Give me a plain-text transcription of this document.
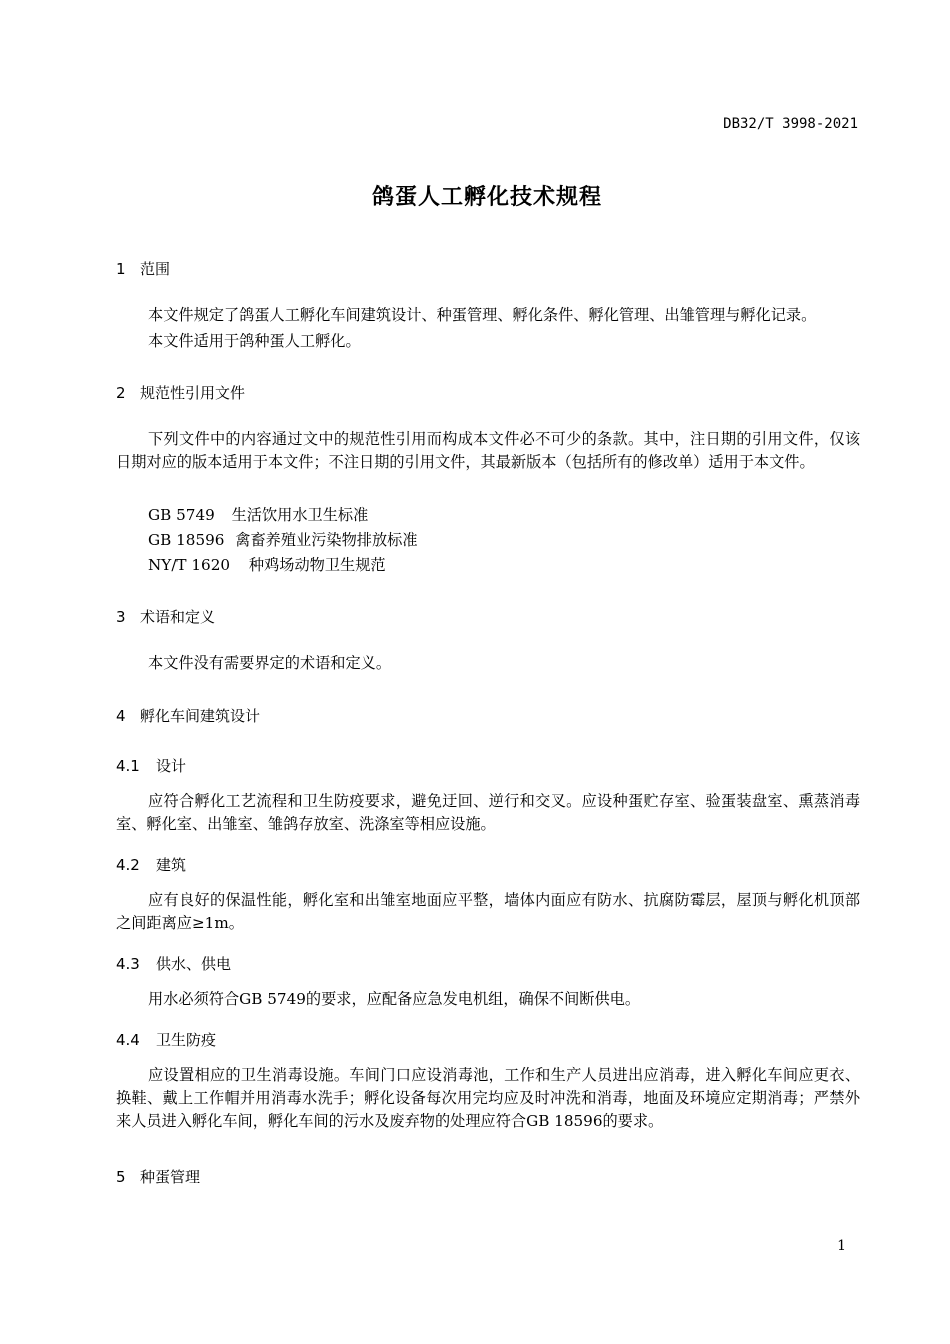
DB32/T 3998-2021
鸽蛋人工孵化技术规程
1 范围
本文件规定了鸽蛋人工孵化车间建筑设计、种蛋管理、孵化条件、孵化管理、出雏管理与孵化记录。
本文件适用于鸽种蛋人工孵化。
2 规范性引用文件
下列文件中的内容通过文中的规范性引用而构成本文件必不可少的条款。其中，注日期的引用文件，仅该日期对应的版本适用于本文件；不注日期的引用文件，其最新版本（包括所有的修改单）适用于本文件。
GB 5749 生活饮用水卫生标准
GB 18596 禽畜养殖业污染物排放标准
NY/T 1620 种鸡场动物卫生规范
3 术语和定义
本文件没有需要界定的术语和定义。
4 孵化车间建筑设计
4.1 设计
应符合孵化工艺流程和卫生防疫要求，避免迂回、逆行和交叉。应设种蛋贮存室、验蛋装盘室、熏蒸消毒室、孵化室、出雏室、雏鸽存放室、洗涤室等相应设施。
4.2 建筑
应有良好的保温性能，孵化室和出雏室地面应平整，墙体内面应有防水、抗腐防霉层，屋顶与孵化机顶部之间距离应≥1m。
4.3 供水、供电
用水必须符合GB 5749的要求，应配备应急发电机组，确保不间断供电。
4.4 卫生防疫
应设置相应的卫生消毒设施。车间门口应设消毒池，工作和生产人员进出应消毒，进入孵化车间应更衣、换鞋、戴上工作帽并用消毒水洗手；孵化设备每次用完均应及时冲洗和消毒，地面及环境应定期消毒；严禁外来人员进入孵化车间，孵化车间的污水及废弃物的处理应符合GB 18596的要求。
5 种蛋管理
1
